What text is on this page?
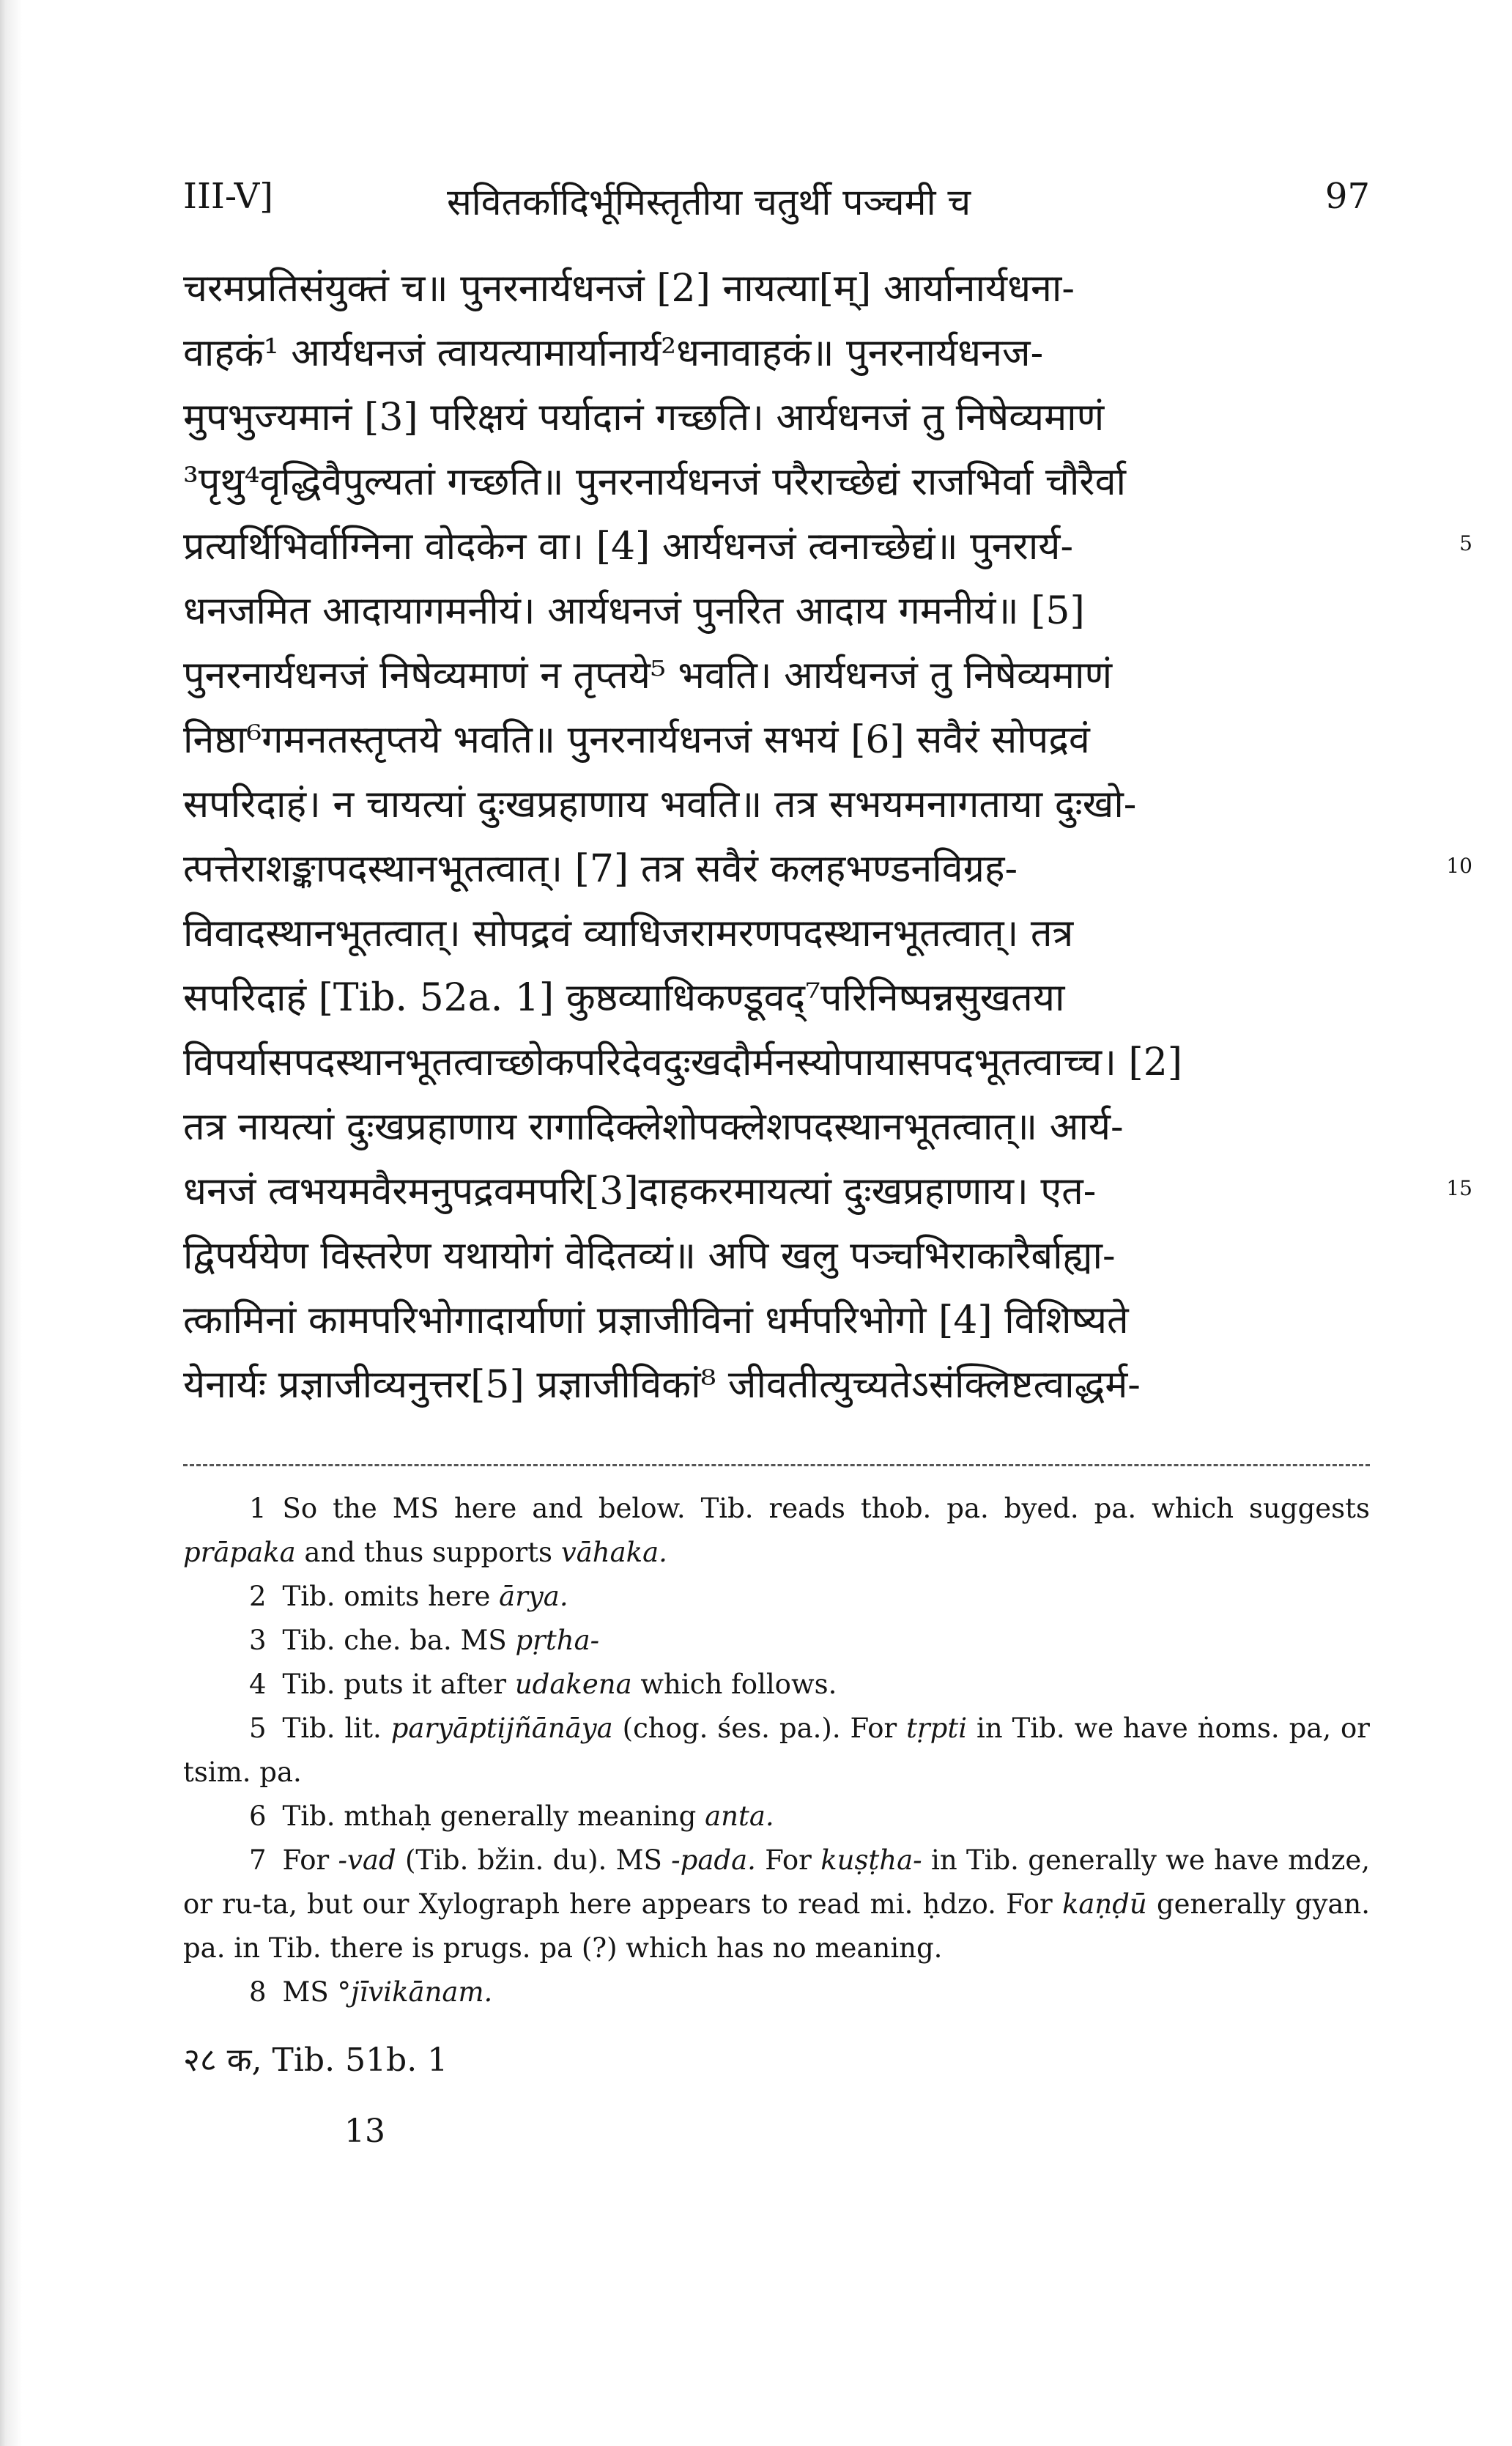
III-V]	सवितर्कादिर्भूमिस्तृतीया चतुर्थी पञ्चमी च	97
चरमप्रतिसंयुक्तं च॥ पुनरनार्यधनजं [2] नायत्या[म्] आर्यानार्यधना-
वाहकं¹ आर्यधनजं त्वायत्यामार्यानार्य²धनावाहकं॥ पुनरनार्यधनज-
मुपभुज्यमानं [3] परिक्षयं पर्यादानं गच्छति। आर्यधनजं तु निषेव्यमाणं
³पृथु⁴वृद्धिवैपुल्यतां गच्छति॥ पुनरनार्यधनजं परैराच्छेद्यं राजभिर्वा चौरैर्वा
प्रत्यर्थिभिर्वाग्निना वोदकेन वा। [4] आर्यधनजं त्वनाच्छेद्यं॥ पुनरार्य-	5
धनजमित आदायागमनीयं। आर्यधनजं पुनरित आदाय गमनीयं॥ [5]
पुनरनार्यधनजं निषेव्यमाणं न तृप्तये⁵ भवति। आर्यधनजं तु निषेव्यमाणं
निष्ठा⁶गमनतस्तृप्तये भवति॥ पुनरनार्यधनजं सभयं [6] सवैरं सोपद्रवं
सपरिदाहं। न चायत्यां दुःखप्रहाणाय भवति॥ तत्र सभयमनागताया दुःखो-
त्पत्तेराशङ्कापदस्थानभूतत्वात्। [7] तत्र सवैरं कलहभण्डनविग्रह-	10
विवादस्थानभूतत्वात्। सोपद्रवं व्याधिजरामरणपदस्थानभूतत्वात्। तत्र
सपरिदाहं [Tib. 52a. 1] कुष्ठव्याधिकण्डूवद्⁷परिनिष्पन्नसुखतया
विपर्यासपदस्थानभूतत्वाच्छोकपरिदेवदुःखदौर्मनस्योपायासपदभूतत्वाच्च। [2]
तत्र नायत्यां दुःखप्रहाणाय रागादिक्लेशोपक्लेशपदस्थानभूतत्वात्॥ आर्य-
धनजं त्वभयमवैरमनुपद्रवमपरि[3]दाहकरमायत्यां दुःखप्रहाणाय। एत-	15
द्विपर्ययेण विस्तरेण यथायोगं वेदितव्यं॥ अपि खलु पञ्चभिराकारैर्बाह्या-
त्कामिनां कामपरिभोगादार्याणां प्रज्ञाजीविनां धर्मपरिभोगो [4] विशिष्यते
येनार्यः प्रज्ञाजीव्यनुत्तर[5] प्रज्ञाजीविकां⁸ जीवतीत्युच्यतेऽसंक्लिष्टत्वाद्धर्म-
1 So the MS here and below. Tib. reads thob. pa. byed. pa. which suggests prāpaka and thus supports vāhaka.
2 Tib. omits here ārya.
3 Tib. che. ba. MS pṛtha-
4 Tib. puts it after udakena which follows.
5 Tib. lit. paryāptijñānāya (chog. śes. pa.). For tṛpti in Tib. we have ṅoms. pa, or tsim. pa.
6 Tib. mthaḥ generally meaning anta.
7 For -vad (Tib. bžin. du). MS -pada. For kuṣṭha- in Tib. generally we have mdze, or ru-ta, but our Xylograph here appears to read mi. ḥdzo. For kaṇḍū generally gyan. pa. in Tib. there is prugs. pa (?) which has no meaning.
8 MS °jīvikānam.
२८ क, Tib. 51b. 1
13
